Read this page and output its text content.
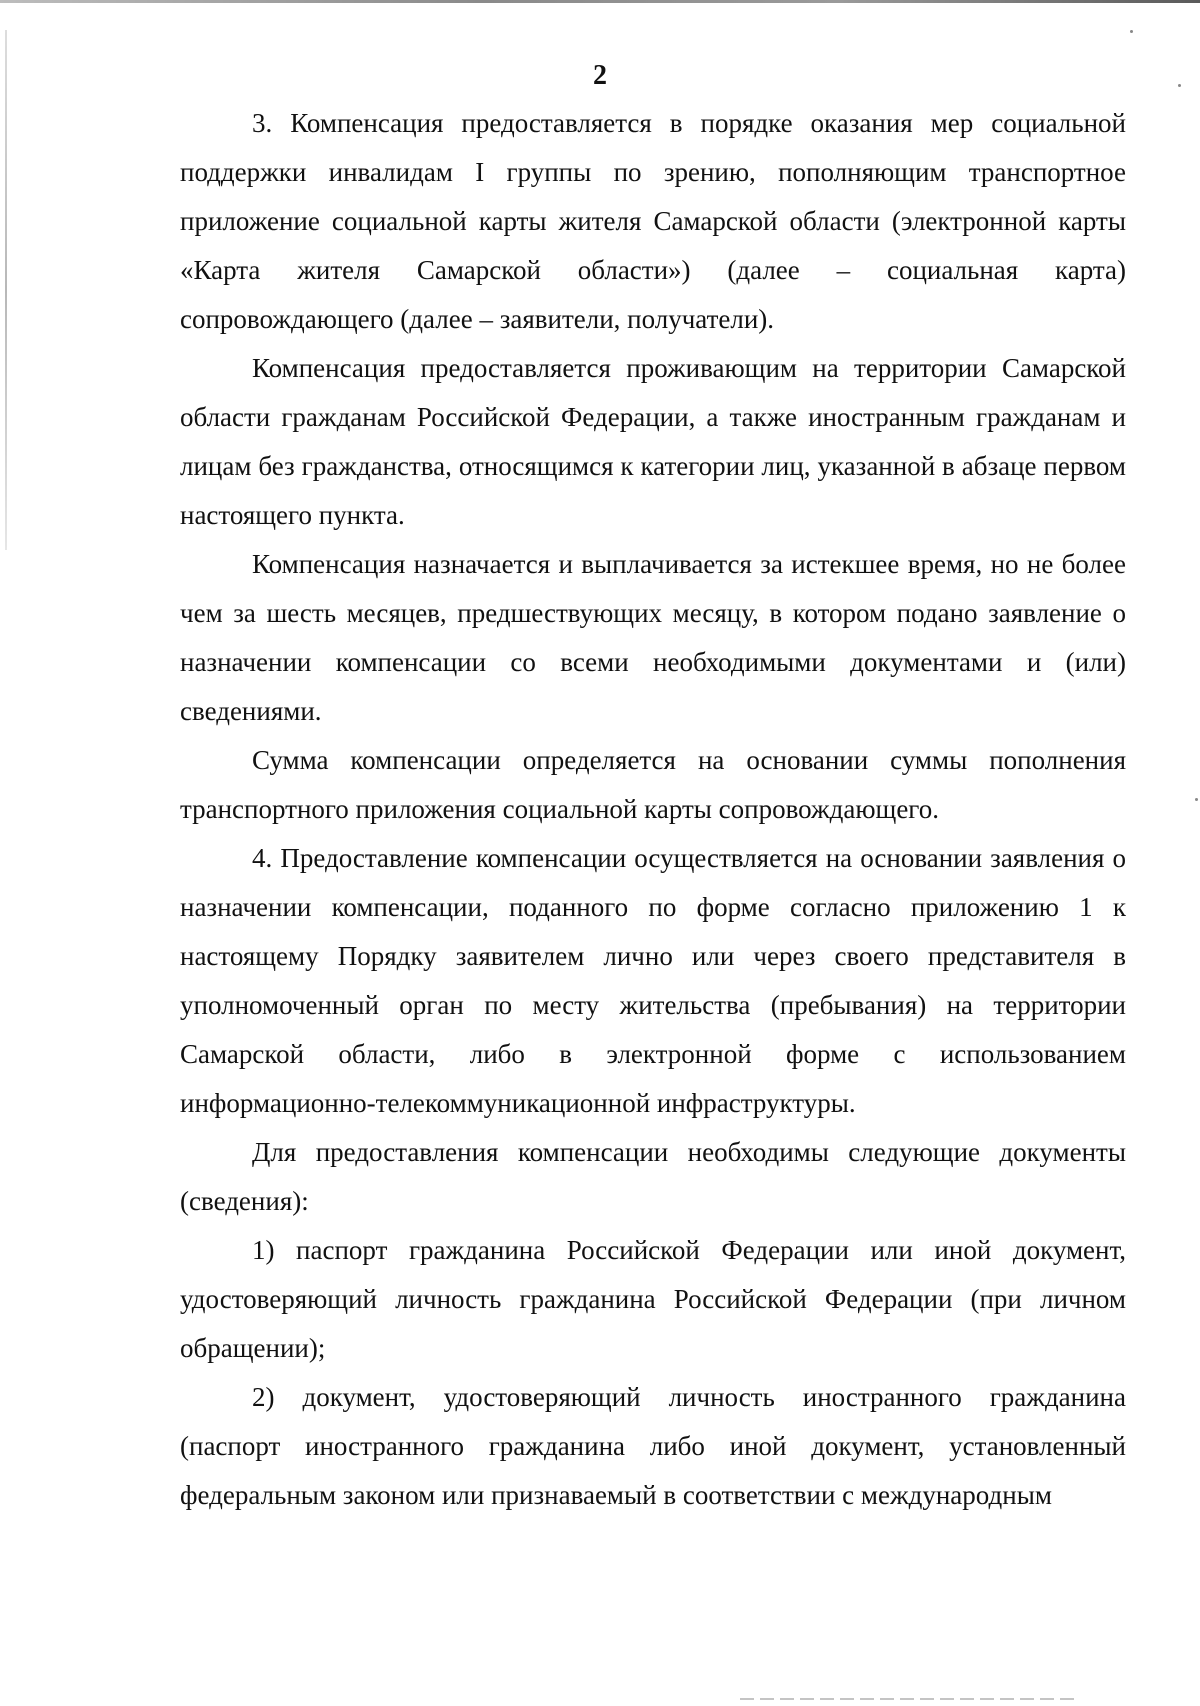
2

3. Компенсация предоставляется в порядке оказания мер социальной поддержки инвалидам I группы по зрению, пополняющим транспортное приложение социальной карты жителя Самарской области (электронной карты «Карта жителя Самарской области») (далее – социальная карта) сопровождающего (далее – заявители, получатели).

Компенсация предоставляется проживающим на территории Самарской области гражданам Российской Федерации, а также иностранным гражданам и лицам без гражданства, относящимся к категории лиц, указанной в абзаце первом настоящего пункта.

Компенсация назначается и выплачивается за истекшее время, но не более чем за шесть месяцев, предшествующих месяцу, в котором подано заявление о назначении компенсации со всеми необходимыми документами и (или) сведениями.

Сумма компенсации определяется на основании суммы пополнения транспортного приложения социальной карты сопровождающего.

4. Предоставление компенсации осуществляется на основании заявления о назначении компенсации, поданного по форме согласно приложению 1 к настоящему Порядку заявителем лично или через своего представителя в уполномоченный орган по месту жительства (пребывания) на территории Самарской области, либо в электронной форме с использованием информационно-телекоммуникационной инфраструктуры.

Для предоставления компенсации необходимы следующие документы (сведения):

1) паспорт гражданина Российской Федерации или иной документ, удостоверяющий личность гражданина Российской Федерации (при личном обращении);

2) документ, удостоверяющий личность иностранного гражданина (паспорт иностранного гражданина либо иной документ, установленный федеральным законом или признаваемый в соответствии с международным
